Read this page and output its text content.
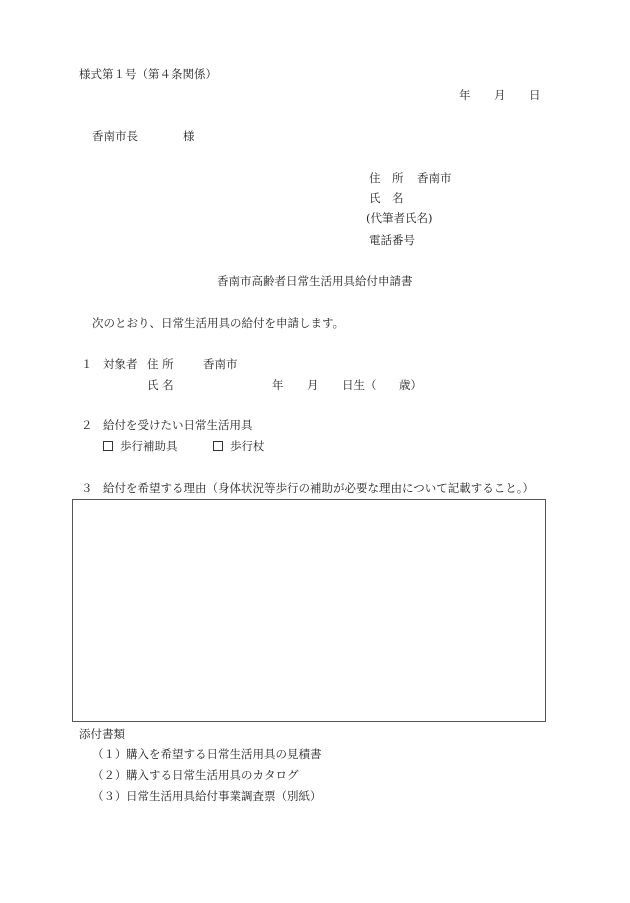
様式第１号（第４条関係）
年 月 日
香南市長	様
住　所 香南市
氏　名
(代筆者氏名)
電話番号
香南市高齢者日常生活用具給付申請書
次のとおり、日常生活用具の給付を申請します。
１ 対象者 住 所	香南市
氏 名	年 月 日生（ 歳）
２ 給付を受けたい日常生活用具
歩行補助具	歩行杖
３ 給付を希望する理由（身体状況等歩行の補助が必要な理由について記載すること。）
添付書類
（１） 購入を希望する日常生活用具の見積書
（２） 購入する日常生活用具のカタログ
（３） 日常生活用具給付事業調査票（別紙）
